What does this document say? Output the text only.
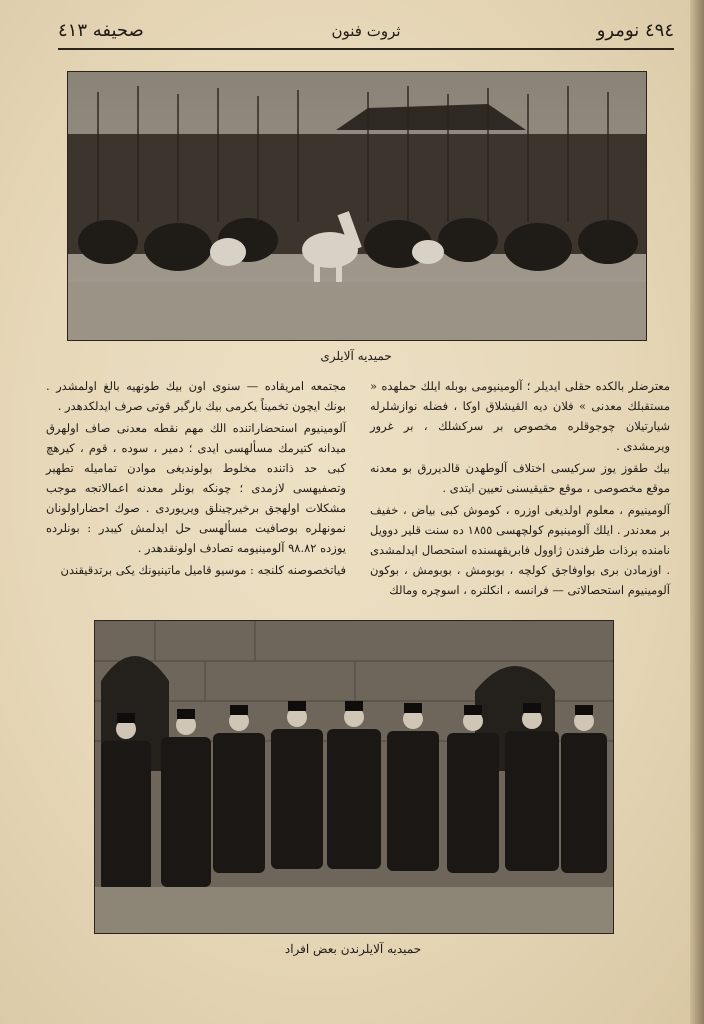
٤٩٤ نومرو
ثروت فنون
صحیفه ٤١٣
حمیدیه آلایلری

معترضلر بالكده حقلی ایدیلر ؛ آلومینیومی بوبله ایلك حملهده « مستقبلك معدنی » فلان دیه القیشلاق اوكا ، فضله نوازشلرله شیارتیلان چوجوقلره مخصوص بر سركشلك ، بر غرور ویرمشدی .

بیك طقوز یوز سركیسی اختلاف آلوطهدن قالدیررق بو معدنه موقع مخصوصی ، موقع حقیقیسنی تعیین ایتدی .

آلومینیوم ، معلوم اولدیغی اوزره ، كوموش كبی بیاض ، خفیف بر معدندر . ایلك آلومینیوم كولچهسی ١٨٥٥ ده سنت قلیر دوویل نامنده برذات طرفندن ژاوول فابریقهسنده استحصال ایدلمشدی . اوزمادن بری بواوفاجق كولچه ، بوبومش ، بوبومش ، بوكون آلومینیوم استحصالاتی — فرانسه ، انكلتره ، اسوچره ومالك

مجتمعه امریقاده — سنوی اون بیك طونهیه بالغ اولمشدر . بونك ایچون تخمیناً یكرمی بیك بارگیر قوتی صرف ایدلكدهدر .

آلومینیوم استحضاراتنده الك مهم نقطه معدنی صاف اولهرق میدانه كتیرمك مسألهسی ایدی ؛ دمیر ، سوده ، قوم ، كیرهچ كبی حد ذاتنده مخلوط بولوندیغی موادن تمامیله تطهیر وتصفیهسی لازمدی ؛ چونكه بونلر معدنه اعمالاتجه موجب مشكلات اولهجق برخیرچینلق ویریوردی . صوك احضاراولونان نمونهلره بوصافیت مسألهسی حل ایدلمش كیبدر : بونلرده یوزده ٩٨.٨٢ آلومینیومه تصادف اولونقدهدر .

فیاتخصوصنه كلنجه : موسیو قامیل ماتینیونك یكی برتدقیقندن

حمیدیه آلایلرندن بعض افراد
